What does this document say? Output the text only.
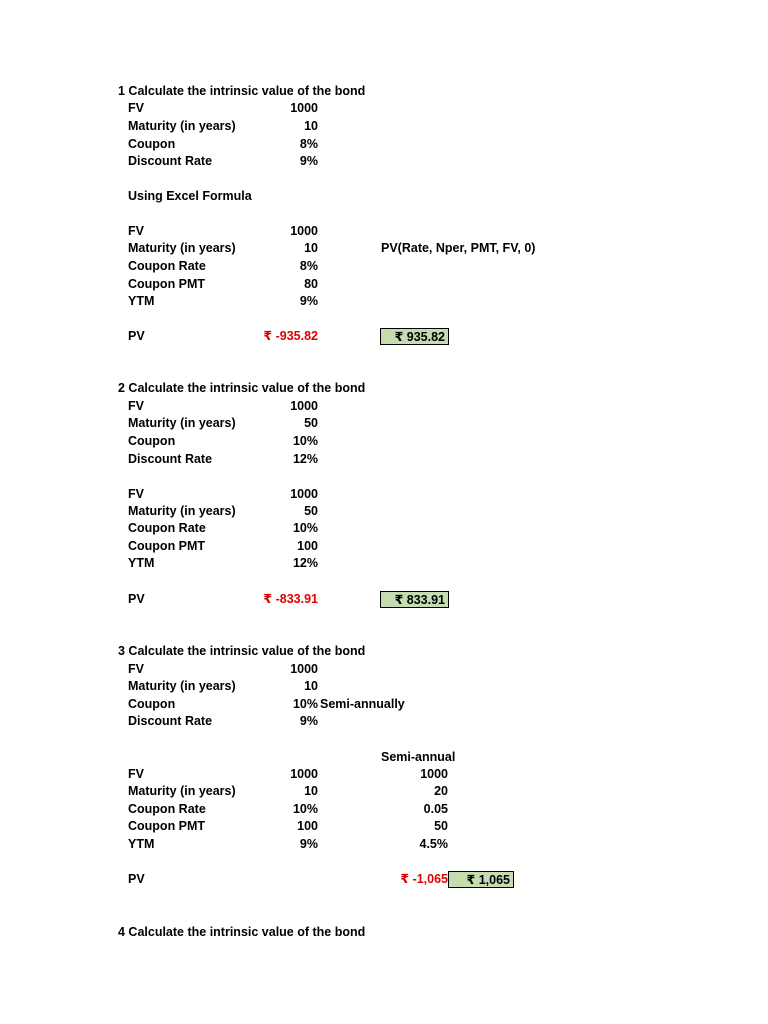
1 Calculate the intrinsic value of the bond
FV	1000
Maturity (in years)	10
Coupon	8%
Discount Rate	9%
Using Excel Formula
FV	1000
Maturity (in years)	10	PV(Rate, Nper, PMT, FV, 0)
Coupon Rate	8%
Coupon PMT	80
YTM	9%
PV	₹ -935.82	₹ 935.82
2 Calculate the intrinsic value of the bond
FV	1000
Maturity (in years)	50
Coupon	10%
Discount Rate	12%
FV	1000
Maturity (in years)	50
Coupon Rate	10%
Coupon PMT	100
YTM	12%
PV	₹ -833.91	₹ 833.91
3 Calculate the intrinsic value of the bond
FV	1000
Maturity (in years)	10
Coupon	10% Semi-annually
Discount Rate	9%
Semi-annual
FV	1000	1000
Maturity (in years)	10	20
Coupon Rate	10%	0.05
Coupon PMT	100	50
YTM	9%	4.5%
PV	₹ -1,065	₹ 1,065
4 Calculate the intrinsic value of the bond
